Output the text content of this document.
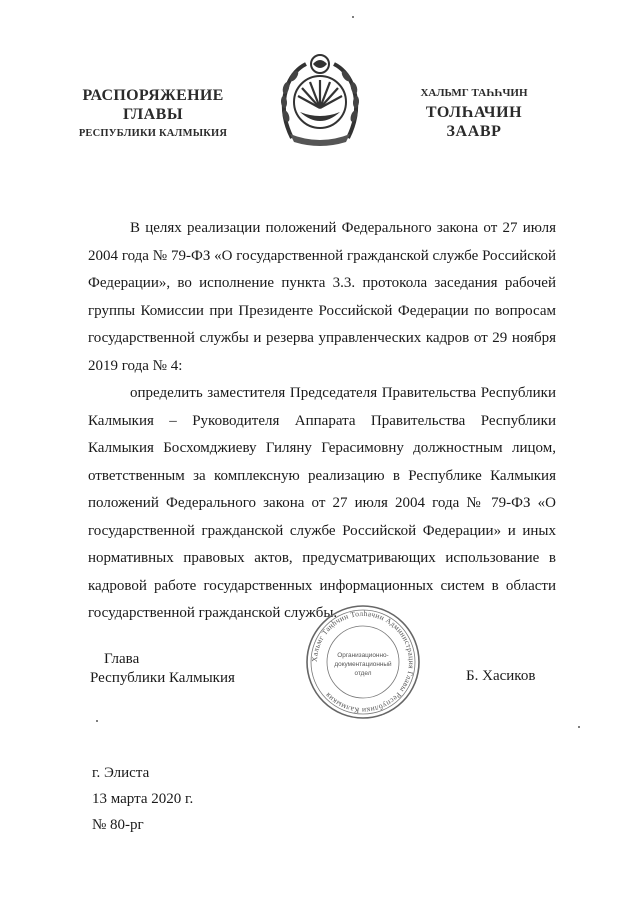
РАСПОРЯЖЕНИЕ
ГЛАВЫ
РЕСПУБЛИКИ КАЛМЫКИЯ
ХАЛЬМГ ТАҺҺЧИН
ТОЛҺАЧИН
ЗААВР

В целях реализации положений Федерального закона от 27 июля 2004 года № 79-ФЗ «О государственной гражданской службе Российской Федерации», во исполнение пункта 3.3. протокола заседания рабочей группы Комиссии при Президенте Российской Федерации по вопросам государственной службы и резерва управленческих кадров от 29 ноября 2019 года № 4:

определить заместителя Председателя Правительства Республики Калмыкия – Руководителя Аппарата Правительства Республики Калмыкия Босхомджиеву Гиляну Герасимовну должностным лицом, ответственным за комплексную реализацию в Республике Калмыкия положений Федерального закона от 27 июля 2004 года № 79-ФЗ «О государственной гражданской службе Российской Федерации» и иных нормативных правовых актов, предусматривающих использование в кадровой работе государственных информационных систем в области государственной гражданской службы.

Глава
Республики Калмыкия
Хальмг Таңһчин Толһачин Администрация Главы Республики Калмыкия
Организационно-
документационный
отдел	Б. Хасиков
г. Элиста
13 марта 2020 г.
№ 80-рг
